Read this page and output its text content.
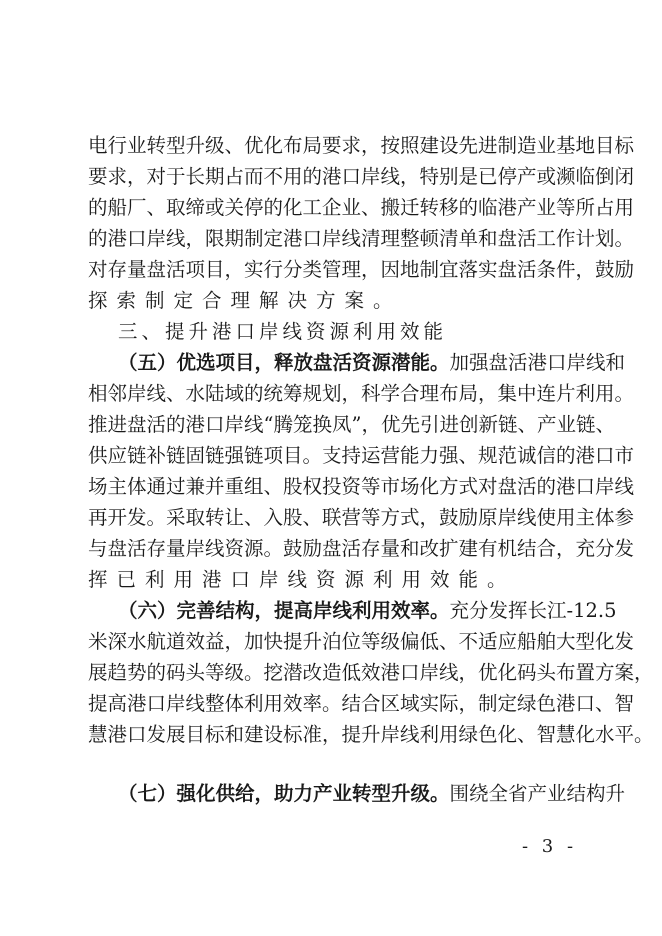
电行业转型升级、优化布局要求，按照建设先进制造业基地目标
要求，对于长期占而不用的港口岸线，特别是已停产或濒临倒闭
的船厂、取缔或关停的化工企业、搬迁转移的临港产业等所占用
的港口岸线，限期制定港口岸线清理整顿清单和盘活工作计划。
对存量盘活项目，实行分类管理，因地制宜落实盘活条件，鼓励
探索制定合理解决方案。
三、提升港口岸线资源利用效能
（五）优选项目，释放盘活资源潜能。加强盘活港口岸线和
相邻岸线、水陆域的统筹规划，科学合理布局，集中连片利用。
推进盘活的港口岸线“腾笼换凤”，优先引进创新链、产业链、
供应链补链固链强链项目。支持运营能力强、规范诚信的港口市
场主体通过兼并重组、股权投资等市场化方式对盘活的港口岸线
再开发。采取转让、入股、联营等方式，鼓励原岸线使用主体参
与盘活存量岸线资源。鼓励盘活存量和改扩建有机结合，充分发
挥已利用港口岸线资源利用效能。
（六）完善结构，提高岸线利用效率。充分发挥长江-12.5
米深水航道效益，加快提升泊位等级偏低、不适应船舶大型化发
展趋势的码头等级。挖潜改造低效港口岸线，优化码头布置方案，
提高港口岸线整体利用效率。结合区域实际，制定绿色港口、智
慧港口发展目标和建设标准，提升岸线利用绿色化、智慧化水平。
（七）强化供给，助力产业转型升级。围绕全省产业结构升
- 3 -
